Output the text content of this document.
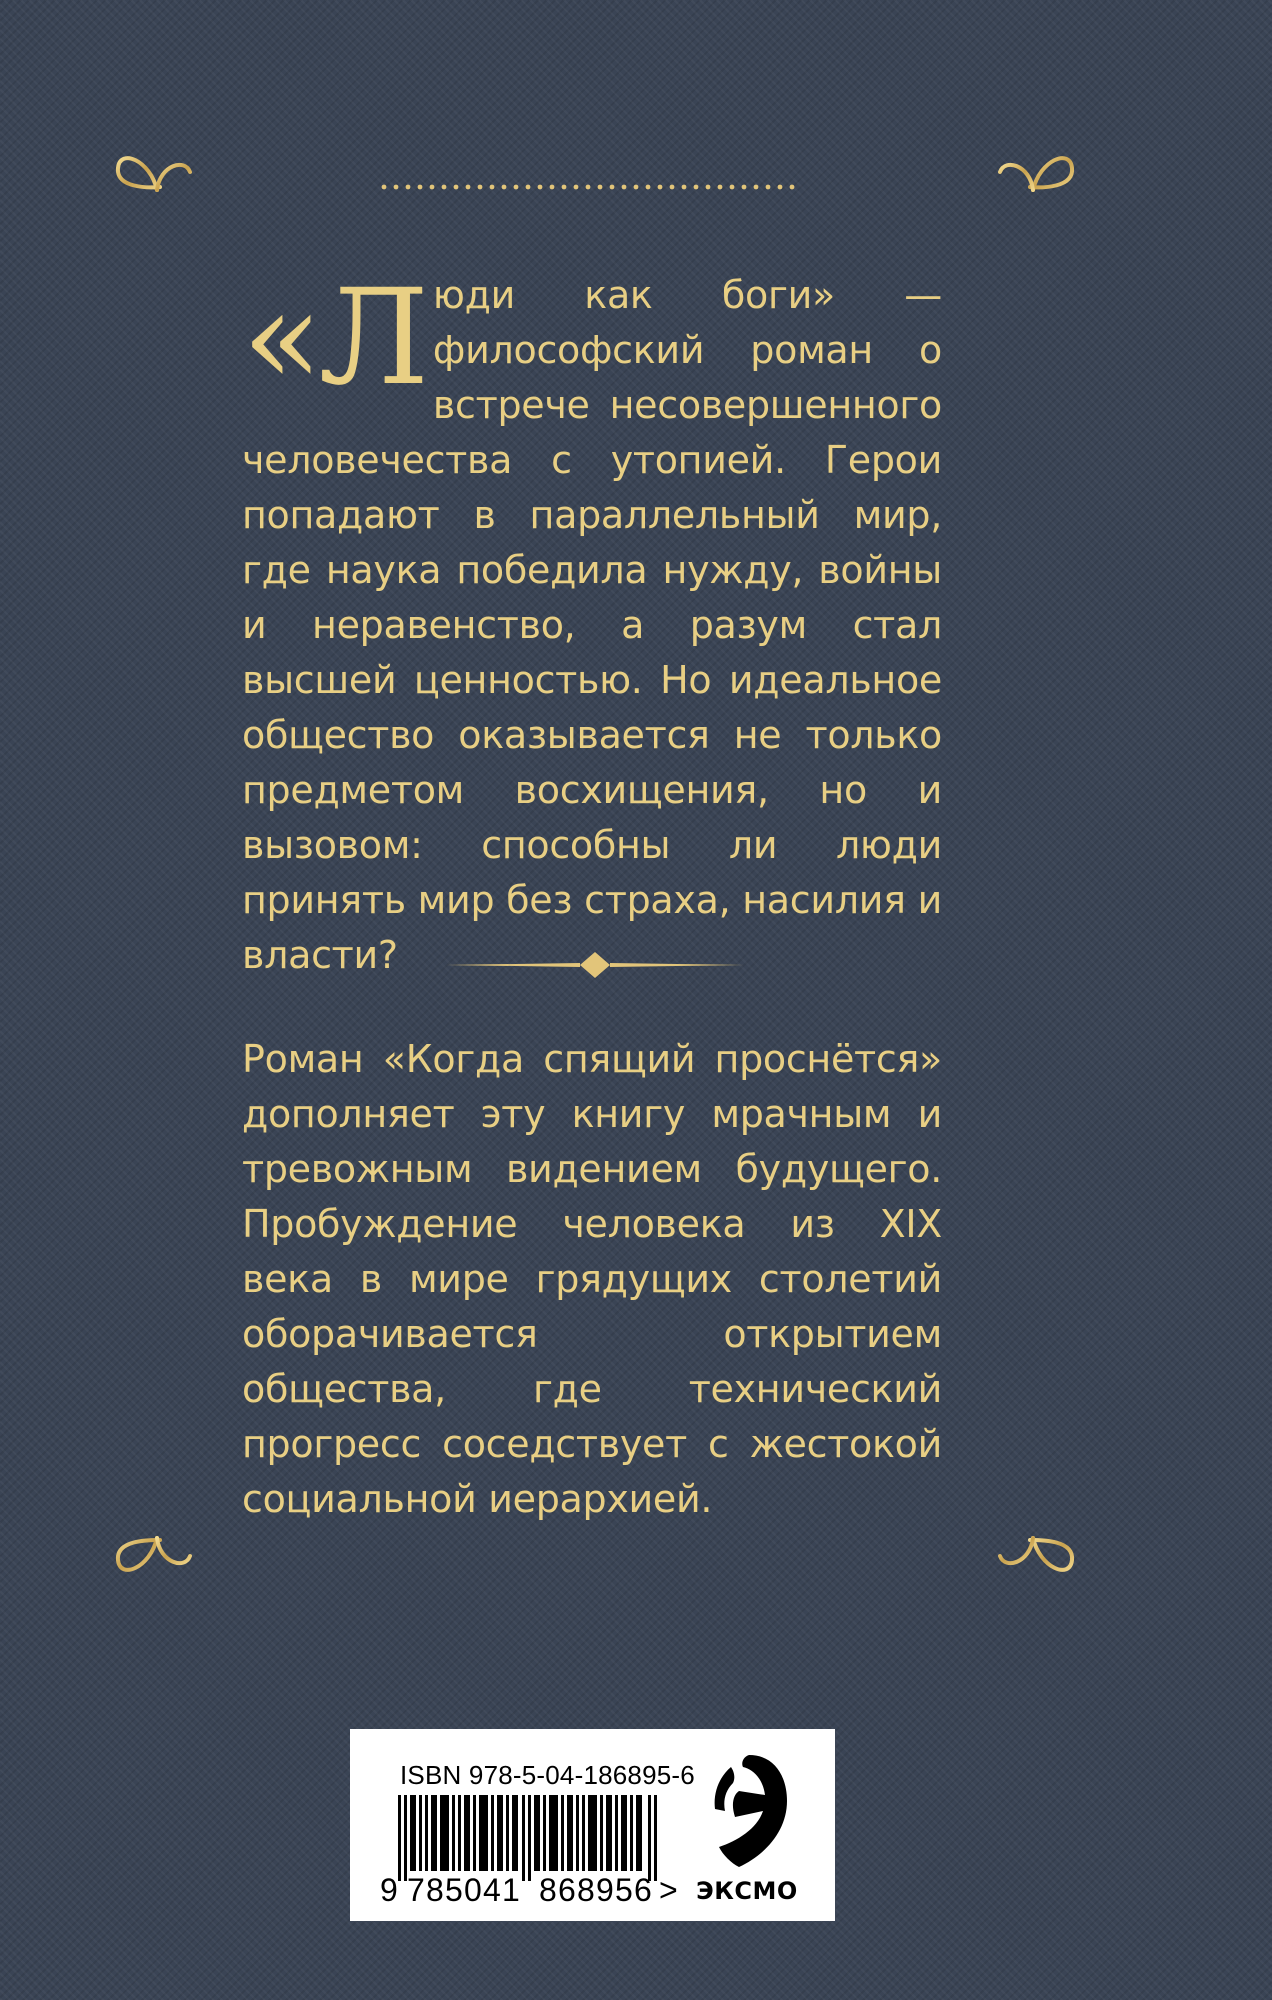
«Люди как боги» — философский роман о встрече несовершенного человечества с утопией. Герои попадают в параллельный мир, где наука победила нужду, войны и неравенство, а разум стал высшей ценностью. Но идеальное общество оказывается не только предметом восхищения, но и вызовом: способны ли люди принять мир без страха, насилия и власти?
Роман «Когда спящий проснётся» дополняет эту книгу мрачным и тревожным видением будущего. Пробуждение человека из XIX века в мире грядущих столетий оборачивается открытием общества, где технический прогресс соседствует с жестокой социальной иерархией.
ISBN 978-5-04-186895-6
9 785041 868956 > ЭКСМО
